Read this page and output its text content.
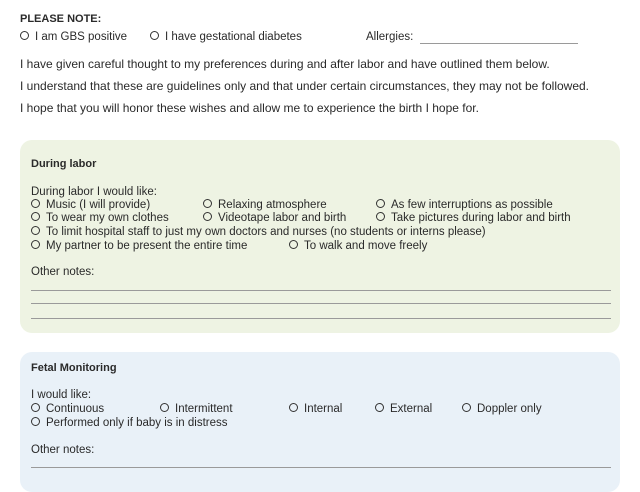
PLEASE NOTE:
I am GBS positive	I have gestational diabetes	Allergies:
I have given careful thought to my preferences during and after labor and have outlined them below.
I understand that these are guidelines only and that under certain circumstances, they may not be followed.
I hope that you will honor these wishes and allow me to experience the birth I hope for.
During labor
During labor I would like:
Music (I will provide)	Relaxing atmosphere	As few interruptions as possible
To wear my own clothes	Videotape labor and birth	Take pictures during labor and birth
To limit hospital staff to just my own doctors and nurses (no students or interns please)
My partner to be present the entire time	To walk and move freely
Other notes:
Fetal Monitoring
I would like:
Continuous	Intermittent	Internal	External	Doppler only
Performed only if baby is in distress
Other notes:
